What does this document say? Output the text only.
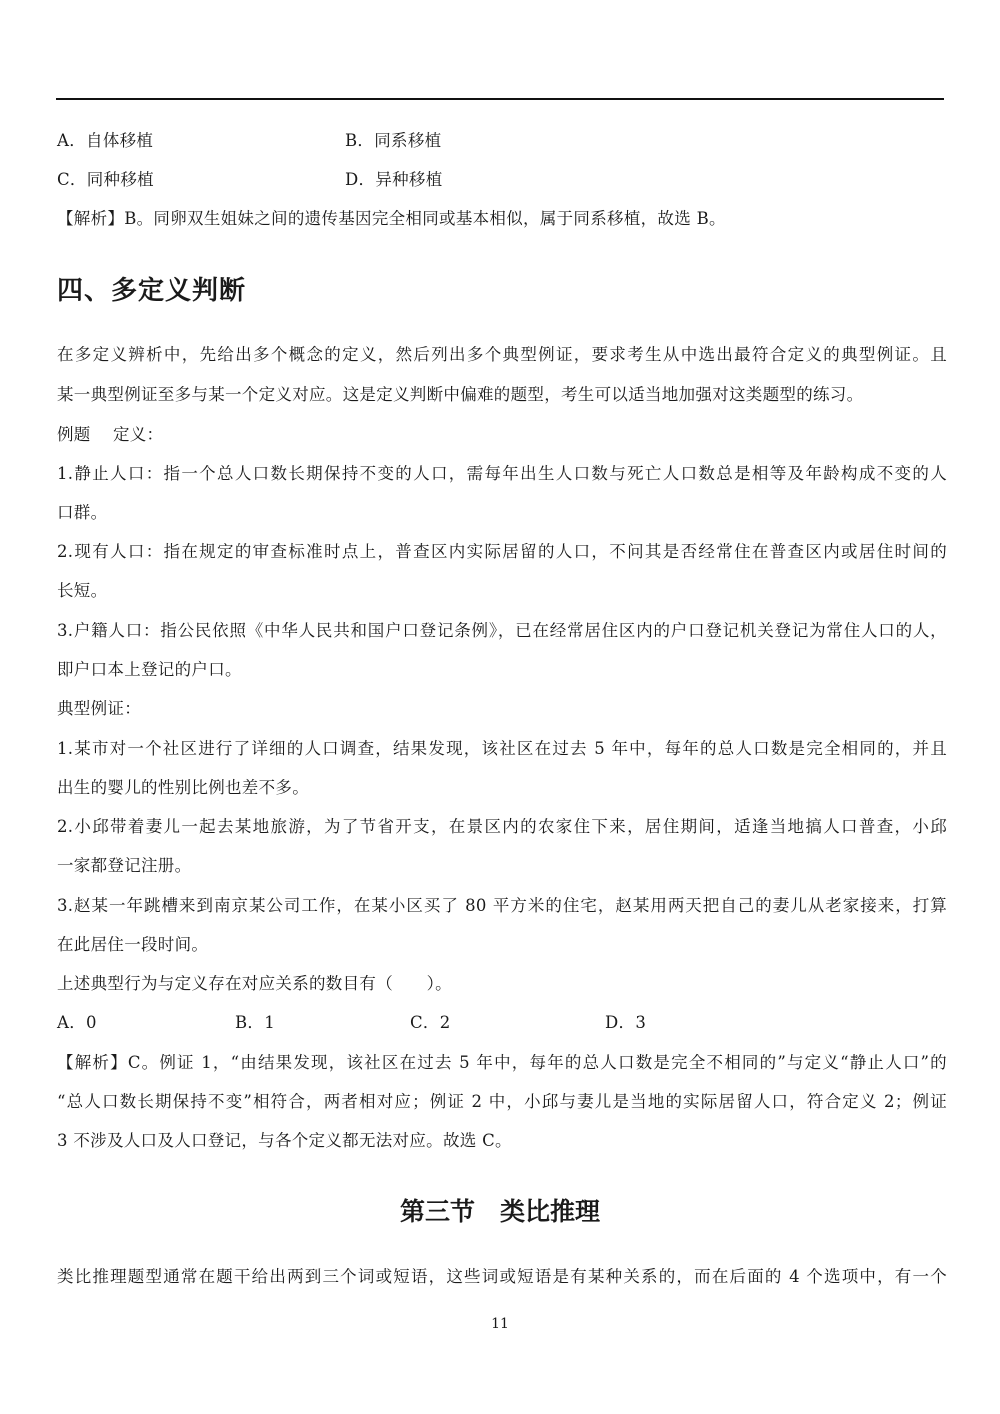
A．自体移植	B．同系移植
C．同种移植	D．异种移植
【解析】B。同卵双生姐妹之间的遗传基因完全相同或基本相似，属于同系移植，故选 B。
四、多定义判断
在多定义辨析中，先给出多个概念的定义，然后列出多个典型例证，要求考生从中选出最符合定义的典型例证。且
某一典型例证至多与某一个定义对应。这是定义判断中偏难的题型，考生可以适当地加强对这类题型的练习。
例题　 定义：
1.静止人口：指一个总人口数长期保持不变的人口，需每年出生人口数与死亡人口数总是相等及年龄构成不变的人
口群。
2.现有人口：指在规定的审查标准时点上，普查区内实际居留的人口，不问其是否经常住在普查区内或居住时间的
长短。
3.户籍人口：指公民依照《中华人民共和国户口登记条例》，已在经常居住区内的户口登记机关登记为常住人口的人，
即户口本上登记的户口。
典型例证：
1.某市对一个社区进行了详细的人口调查，结果发现，该社区在过去 5 年中，每年的总人口数是完全相同的，并且
出生的婴儿的性别比例也差不多。
2.小邱带着妻儿一起去某地旅游，为了节省开支，在景区内的农家住下来，居住期间，适逢当地搞人口普查，小邱
一家都登记注册。
3.赵某一年跳槽来到南京某公司工作，在某小区买了 80 平方米的住宅，赵某用两天把自己的妻儿从老家接来，打算
在此居住一段时间。
上述典型行为与定义存在对应关系的数目有（　　）。
A．0	B．1	C．2	D．3
【解析】C。例证 1，“由结果发现，该社区在过去 5 年中，每年的总人口数是完全不相同的”与定义“静止人口”的
“总人口数长期保持不变”相符合，两者相对应；例证 2 中，小邱与妻儿是当地的实际居留人口，符合定义 2；例证
3 不涉及人口及人口登记，与各个定义都无法对应。故选 C。
第三节　类比推理
类比推理题型通常在题干给出两到三个词或短语，这些词或短语是有某种关系的，而在后面的 4 个选项中，有一个
11
